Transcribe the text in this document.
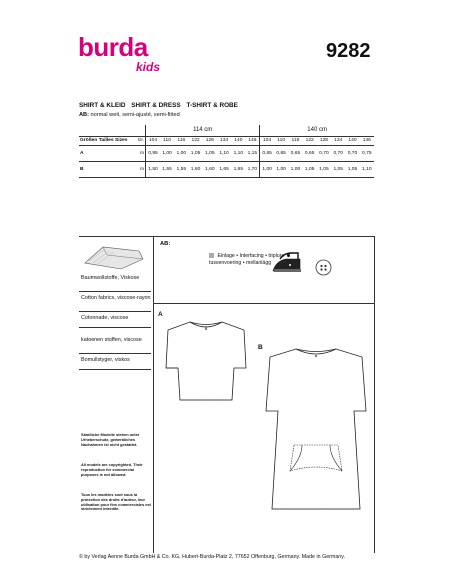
burda
kids
9282
SHIRT & KLEID SHIRT & DRESS T-SHIRT & ROBE
AB: normal weit, semi-ajusté, semi-fitted
		114 cm								140 cm							
Größen Tailles Sizes	Gr.	104	110	116	122	128	134	140	146	104	110	116	122	128	134	140	146
A	m	0,95	1,00	1,00	1,05	1,05	1,10	1,10	1,15	0,65	0,65	0,65	0,65	0,70	0,70	0,70	0,75
B	m	1,50	1,55	1,55	1,60	1,60	1,65	1,65	1,70	1,00	1,00	1,00	1,05	1,05	1,05	1,05	1,10
Baumwollstoffe, Viskose
Cotton fabrics, viscose-rayon
Cotonnade, viscose
katoenen stoffen, viscose
Bomullstyger, viskos
Sämtliche Modelle stehen unter Urheberschutz, gewerbliches Nachahmen ist nicht gestattet.
All models are copyrighted. Their reproduction for commercial purposes is not allowed.
Tous les modèles sont sous la protection des droits d'auteur, leur utilisation pour fins commerciales est strictement interdite.
AB:
Einlage • Interfacing • triplure
tussenvoering • mellanlägg
A
B
© by Verlag Aenne Burda GmbH & Co. KG, Hubert-Burda-Platz 2, 77652 Offenburg, Germany. Made in Germany.
